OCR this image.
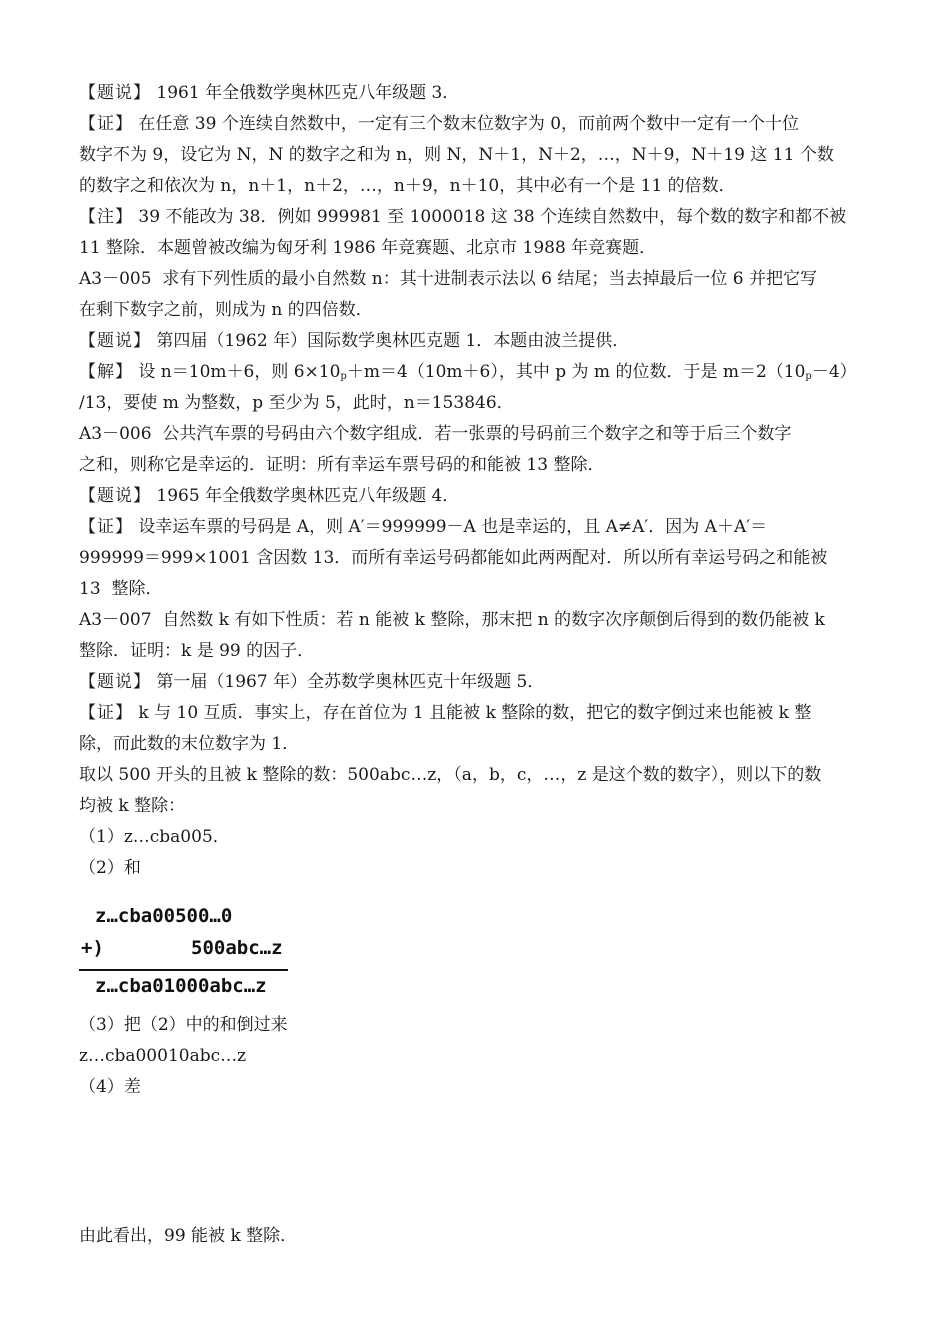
【题说】 1961 年全俄数学奥林匹克八年级题 3．
【证】 在任意 39 个连续自然数中，一定有三个数末位数字为 0，而前两个数中一定有一个十位
数字不为 9，设它为 N，N 的数字之和为 n，则 N，N＋1，N＋2，…，N＋9，N＋19 这 11 个数
的数字之和依次为 n，n＋1，n＋2，…，n＋9，n＋10，其中必有一个是 11 的倍数．
【注】 39 不能改为 38．例如 999981 至 1000018 这 38 个连续自然数中，每个数的数字和都不被
11 整除．本题曾被改编为匈牙利 1986 年竞赛题、北京市 1988 年竞赛题．
A3－005  求有下列性质的最小自然数 n：其十进制表示法以 6 结尾；当去掉最后一位 6 并把它写
在剩下数字之前，则成为 n 的四倍数．
【题说】 第四届（1962 年）国际数学奥林匹克题 1．本题由波兰提供．
【解】 设 n＝10m＋6，则 $6\times 10_p+m=4(10m+6)$，其中 p 为 m 的位数．于是 $m=2(10_p-4)$
/13，要使 m 为整数，p 至少为 5，此时，n＝153846．
A3－006  公共汽车票的号码由六个数字组成．若一张票的号码前三个数字之和等于后三个数字
之和，则称它是幸运的．证明：所有幸运车票号码的和能被 13 整除．
【题说】 1965 年全俄数学奥林匹克八年级题 4．
【证】 设幸运车票的号码是 A，则 A′＝999999－A 也是幸运的，且 A≠A′．因为 A＋A′＝
999999＝999×1001 含因数 13．而所有幸运号码都能如此两两配对．所以所有幸运号码之和能被
13  整除．
A3－007  自然数 k 有如下性质：若 n 能被 k 整除，那末把 n 的数字次序颠倒后得到的数仍能被 k
整除．证明：k 是 99 的因子．
【题说】 第一届（1967 年）全苏数学奥林匹克十年级题 5．
【证】 k 与 10 互质．事实上，存在首位为 1 且能被 k 整除的数，把它的数字倒过来也能被 k 整
除，而此数的末位数字为 1．
取以 500 开头的且被 k 整除的数：500abc…z，（a，b，c，…，z 是这个数的数字），则以下的数
均被 k 整除：
（1）z…cba005．
（2）和
z…cba00500…0
+)	500abc…z
z…cba01000abc…z
（3）把（2）中的和倒过来
z…cba00010abc…z
（4）差
由此看出，99 能被 k 整除．
